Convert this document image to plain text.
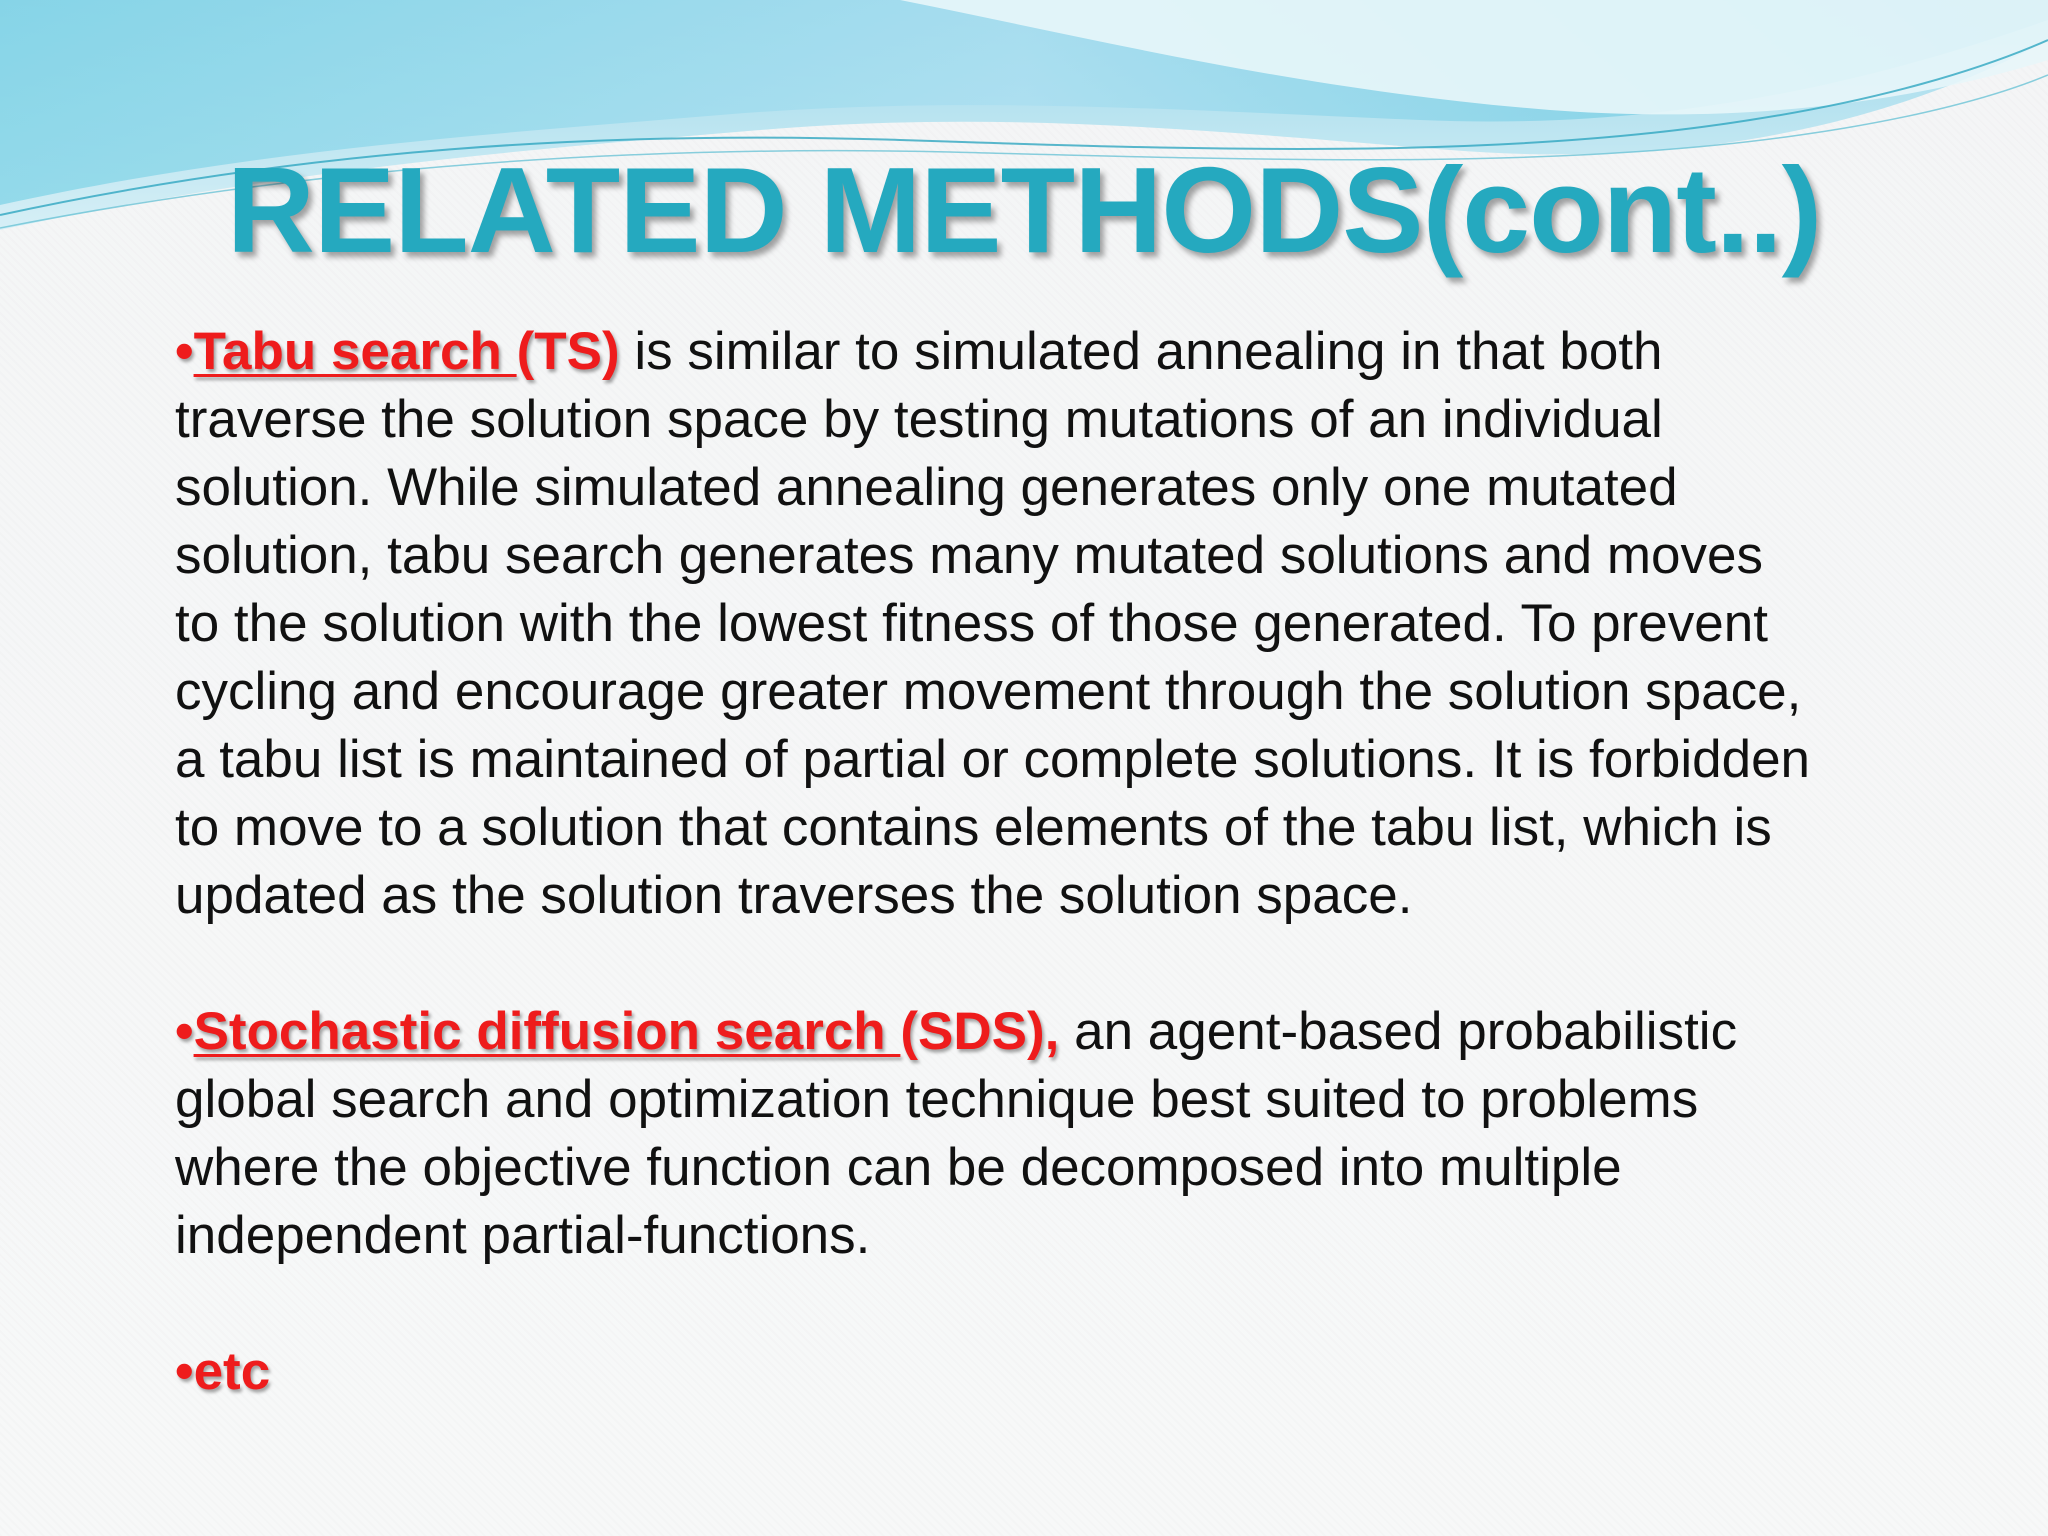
RELATED METHODS(cont..)

•Tabu search (TS) is similar to simulated annealing in that both traverse the solution space by testing mutations of an individual solution. While simulated annealing generates only one mutated solution, tabu search generates many mutated solutions and moves to the solution with the lowest fitness of those generated. To prevent cycling and encourage greater movement through the solution space, a tabu list is maintained of partial or complete solutions. It is forbidden to move to a solution that contains elements of the tabu list, which is updated as the solution traverses the solution space.

•Stochastic diffusion search (SDS), an agent-based probabilistic global search and optimization technique best suited to problems where the objective function can be decomposed into multiple independent partial-functions.

•etc
